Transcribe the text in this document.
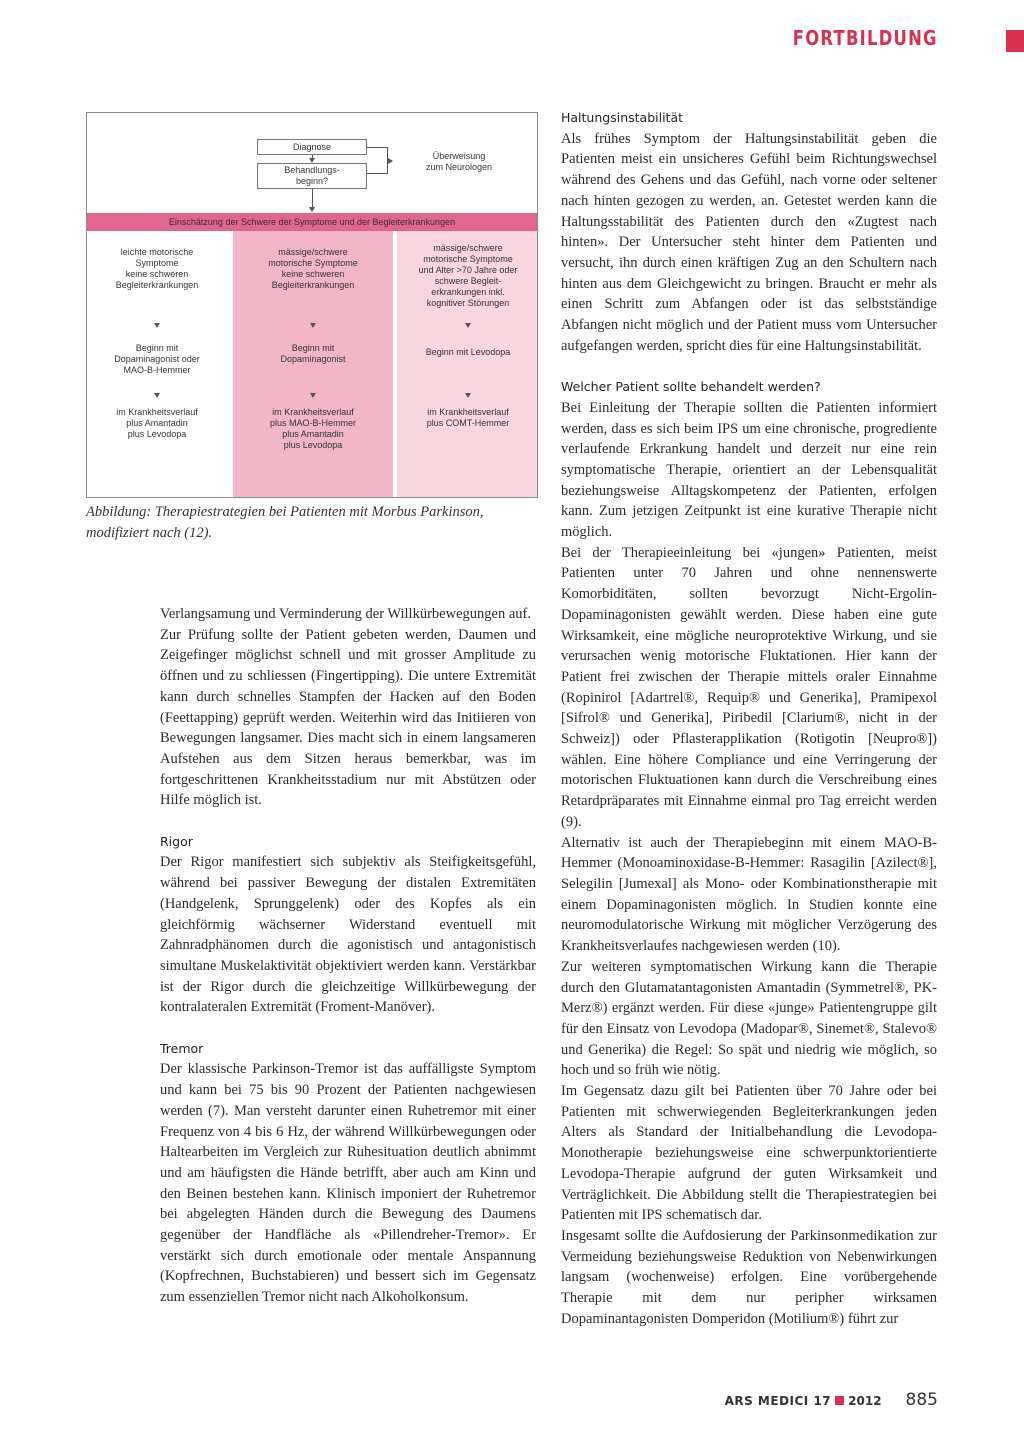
FORTBILDUNG
Diagnose
Behandlungs-
beginn?
Überweisung
zum Neurologen
Einschätzung der Schwere der Symptome und der Begleiterkrankungen
leichte motorische
Symptome
keine schweren
Begleiterkrankungen
Beginn mit
Dopaminagonist oder
MAO-B-Hemmer
im Krankheitsverlauf
plus Amantadin
plus Levodopa
mässige/schwere
motorische Symptome
keine schweren
Begleiterkrankungen
Beginn mit
Dopaminagonist
im Krankheitsverlauf
plus MAO-B-Hemmer
plus Amantadin
plus Levodopa
mässige/schwere
motorische Symptome
und Alter >70 Jahre oder
schwere Begleit-
erkrankungen inkl.
kognitiver Störungen
Beginn mit Levodopa
im Krankheitsverlauf
plus COMT-Hemmer
Abbildung: Therapiestrategien bei Patienten mit Morbus Parkinson, modifiziert nach (12).

Verlangsamung und Verminderung der Willkürbewegungen auf.

Zur Prüfung sollte der Patient gebeten werden, Daumen und Zeigefinger möglichst schnell und mit grosser Amplitude zu öffnen und zu schliessen (Fingertipping). Die untere Extremität kann durch schnelles Stampfen der Hacken auf den Boden (Feettapping) geprüft werden. Weiterhin wird das Initiieren von Bewegungen langsamer. Dies macht sich in einem langsameren Aufstehen aus dem Sitzen heraus bemerkbar, was im fortgeschrittenen Krankheitsstadium nur mit Abstützen oder Hilfe möglich ist.

Rigor

Der Rigor manifestiert sich subjektiv als Steifigkeitsgefühl, während bei passiver Bewegung der distalen Extremitäten (Handgelenk, Sprunggelenk) oder des Kopfes als ein gleichförmig wächserner Widerstand eventuell mit Zahnradphänomen durch die agonistisch und antagonistisch simultane Muskelaktivität objektiviert werden kann. Verstärkbar ist der Rigor durch die gleichzeitige Willkürbewegung der kontralateralen Extremität (Froment-Manöver).

Tremor

Der klassische Parkinson-Tremor ist das auffälligste Symptom und kann bei 75 bis 90 Prozent der Patienten nachgewiesen werden (7). Man versteht darunter einen Ruhetremor mit einer Frequenz von 4 bis 6 Hz, der während Willkürbewegungen oder Haltearbeiten im Vergleich zur Ruhesituation deutlich abnimmt und am häufigsten die Hände betrifft, aber auch am Kinn und den Beinen bestehen kann. Klinisch imponiert der Ruhetremor bei abgelegten Händen durch die Bewegung des Daumens gegenüber der Handfläche als «Pillendreher-Tremor». Er verstärkt sich durch emotionale oder mentale Anspannung (Kopfrechnen, Buchstabieren) und bessert sich im Gegensatz zum essenziellen Tremor nicht nach Alkoholkonsum.

Haltungsinstabilität

Als frühes Symptom der Haltungsinstabilität geben die Patienten meist ein unsicheres Gefühl beim Richtungswechsel während des Gehens und das Gefühl, nach vorne oder seltener nach hinten gezogen zu werden, an. Getestet werden kann die Haltungsstabilität des Patienten durch den «Zugtest nach hinten». Der Untersucher steht hinter dem Patienten und versucht, ihn durch einen kräftigen Zug an den Schultern nach hinten aus dem Gleichgewicht zu bringen. Braucht er mehr als einen Schritt zum Abfangen oder ist das selbstständige Abfangen nicht möglich und der Patient muss vom Untersucher aufgefangen werden, spricht dies für eine Haltungsinstabilität.

Welcher Patient sollte behandelt werden?

Bei Einleitung der Therapie sollten die Patienten informiert werden, dass es sich beim IPS um eine chronische, progrediente verlaufende Erkrankung handelt und derzeit nur eine rein symptomatische Therapie, orientiert an der Lebensqualität beziehungsweise Alltagskompetenz der Patienten, erfolgen kann. Zum jetzigen Zeitpunkt ist eine kurative Therapie nicht möglich.

Bei der Therapieeinleitung bei «jungen» Patienten, meist Patienten unter 70 Jahren und ohne nennenswerte Komorbiditäten, sollten bevorzugt Nicht-Ergolin-Dopaminagonisten gewählt werden. Diese haben eine gute Wirksamkeit, eine mögliche neuroprotektive Wirkung, und sie verursachen wenig motorische Fluktationen. Hier kann der Patient frei zwischen der Therapie mittels oraler Einnahme (Ropinirol [Adartrel®, Requip® und Generika], Pramipexol [Sifrol® und Generika], Piribedil [Clarium®, nicht in der Schweiz]) oder Pflasterapplikation (Rotigotin [Neupro®]) wählen. Eine höhere Compliance und eine Verringerung der motorischen Fluktuationen kann durch die Verschreibung eines Retardpräparates mit Einnahme einmal pro Tag erreicht werden (9).

Alternativ ist auch der Therapiebeginn mit einem MAO-B-Hemmer (Monoaminoxidase-B-Hemmer: Rasagilin [Azilect®], Selegilin [Jumexal] als Mono- oder Kombinationstherapie mit einem Dopaminagonisten möglich. In Studien konnte eine neuromodulatorische Wirkung mit möglicher Verzögerung des Krankheitsverlaufes nachgewiesen werden (10).

Zur weiteren symptomatischen Wirkung kann die Therapie durch den Glutamatantagonisten Amantadin (Symmetrel®, PK-Merz®) ergänzt werden. Für diese «junge» Patientengruppe gilt für den Einsatz von Levodopa (Madopar®, Sinemet®, Stalevo® und Generika) die Regel: So spät und niedrig wie möglich, so hoch und so früh wie nötig.

Im Gegensatz dazu gilt bei Patienten über 70 Jahre oder bei Patienten mit schwerwiegenden Begleiterkrankungen jeden Alters als Standard der Initialbehandlung die Levodopa-Monotherapie beziehungsweise eine schwerpunktorientierte Levodopa-Therapie aufgrund der guten Wirksamkeit und Verträglichkeit. Die Abbildung stellt die Therapiestrategien bei Patienten mit IPS schematisch dar.

Insgesamt sollte die Aufdosierung der Parkinsonmedikation zur Vermeidung beziehungsweise Reduktion von Nebenwirkungen langsam (wochenweise) erfolgen. Eine vorübergehende Therapie mit dem nur peripher wirksamen Dopaminantagonisten Domperidon (Motilium®) führt zur

ARS MEDICI 17 2012 885
